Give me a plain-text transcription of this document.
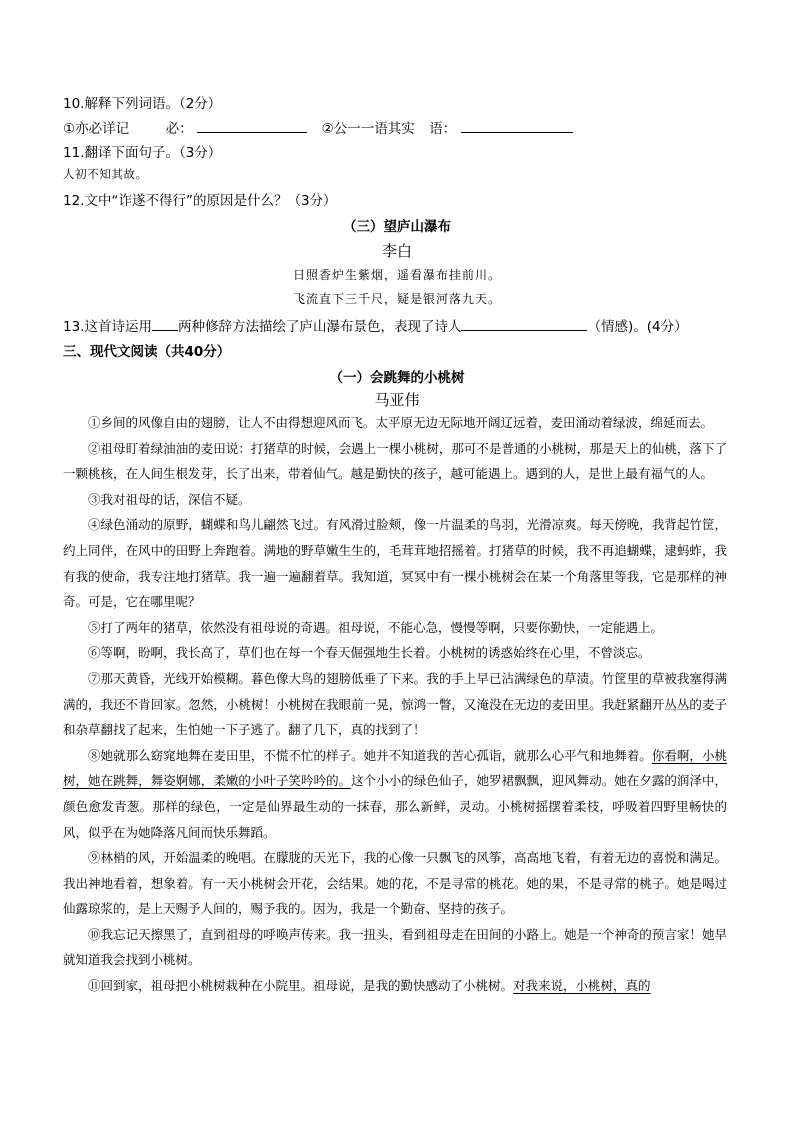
10.解释下列词语。（2分）
①亦必详记	必：	②公一一语其实 语：
11.翻译下面句子。（3分）
人初不知其故。
12.文中“诈遂不得行”的原因是什么？（3分）
（三）望庐山瀑布
李白
日照香炉生紫烟，遥看瀑布挂前川。
飞流直下三千尺，疑是银河落九天。
13.这首诗运用 两种修辞方法描绘了庐山瀑布景色，表现了诗人	（情感)。(4分）
三、现代文阅读（共40分）
（一）会跳舞的小桃树
马亚伟

①乡间的风像自由的翅膀，让人不由得想迎风而飞。太平原无边无际地开阔辽远着，麦田涌动着绿波，绵延而去。

②祖母盯着绿油油的麦田说：打猪草的时候，会遇上一棵小桃树，那可不是普通的小桃树，那是天上的仙桃，落下了一颗桃核，在人间生根发芽，长了出来，带着仙气。越是勤快的孩子，越可能遇上。遇到的人，是世上最有福气的人。

③我对祖母的话，深信不疑。

④绿色涌动的原野，蝴蝶和鸟儿翩然飞过。有风滑过脸颊，像一片温柔的鸟羽，光滑凉爽。每天傍晚，我背起竹筐，约上同伴，在风中的田野上奔跑着。满地的野草嫩生生的，毛茸茸地招摇着。打猪草的时候，我不再追蝴蝶，逮蚂蚱，我有我的使命，我专注地打猪草。我一遍一遍翻着草。我知道，冥冥中有一棵小桃树会在某一个角落里等我，它是那样的神奇。可是，它在哪里呢？

⑤打了两年的猪草，依然没有祖母说的奇遇。祖母说，不能心急，慢慢等啊，只要你勤快，一定能遇上。

⑥等啊，盼啊，我长高了，草们也在每一个春天倔强地生长着。小桃树的诱惑始终在心里，不曾淡忘。

⑦那天黄昏，光线开始模糊。暮色像大鸟的翅膀低垂了下来。我的手上早已沾满绿色的草渍。竹筐里的草被我塞得满满的，我还不肯回家。忽然，小桃树！小桃树在我眼前一晃，惊鸿一瞥，又淹没在无边的麦田里。我赶紧翻开丛丛的麦子和杂草翻找了起来，生怕她一下子逃了。翻了几下，真的找到了！

⑧她就那么窈窕地舞在麦田里，不慌不忙的样子。她并不知道我的苦心孤诣，就那么心平气和地舞着。你看啊，小桃树，她在跳舞，舞姿婀娜，柔嫩的小叶子笑吟吟的。这个小小的绿色仙子，她罗裙飘飘，迎风舞动。她在夕露的润泽中，颜色愈发青葱。那样的绿色，一定是仙界最生动的一抹春，那么新鲜，灵动。小桃树摇摆着柔枝，呼吸着四野里畅快的风，似乎在为她降落凡间而快乐舞蹈。

⑨林梢的风，开始温柔的晚唱。在朦胧的天光下，我的心像一只飘飞的风筝，高高地飞着，有着无边的喜悦和满足。我出神地看着，想象着。有一天小桃树会开花，会结果。她的花，不是寻常的桃花。她的果，不是寻常的桃子。她是喝过仙露琼浆的，是上天赐予人间的，赐予我的。因为，我是一个勤奋、坚持的孩子。

⑩我忘记天擦黑了，直到祖母的呼唤声传来。我一扭头，看到祖母走在田间的小路上。她是一个神奇的预言家！她早就知道我会找到小桃树。

⑪回到家，祖母把小桃树栽种在小院里。祖母说，是我的勤快感动了小桃树。对我来说，小桃树，真的
